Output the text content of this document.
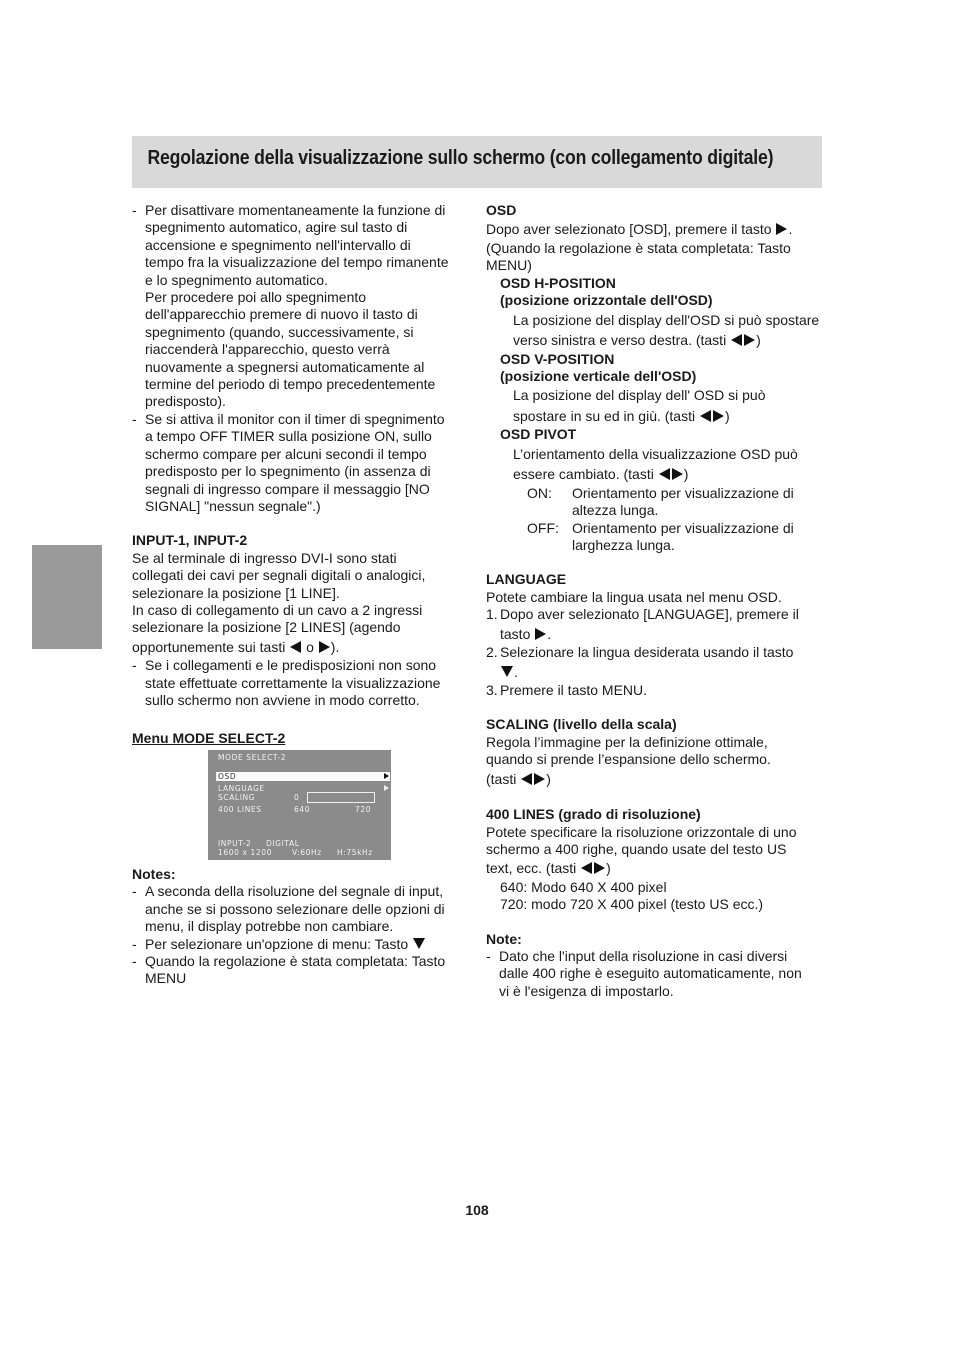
Regolazione della visualizzazione sullo schermo (con collegamento digitale)
- Per disattivare momentaneamente la funzione di

spegnimento automatico, agire sul tasto di

accensione e spegnimento nell'intervallo di

tempo fra la visualizzazione del tempo rimanente

e lo spegnimento automatico.

Per procedere poi allo spegnimento

dell'apparecchio premere di nuovo il tasto di

spegnimento (quando, successivamente, si

riaccenderà l'apparecchio, questo verrà

nuovamente a spegnersi automaticamente al

termine del periodo di tempo precedentemente

predisposto).

- Se si attiva il monitor con il timer di spegnimento

a tempo OFF TIMER sulla posizione ON, sullo

schermo compare per alcuni secondi il tempo

predisposto per lo spegnimento (in assenza di

segnali di ingresso compare il messaggio [NO

SIGNAL] "nessun segnale".)

INPUT-1, INPUT-2

Se al terminale di ingresso DVI-I sono stati

collegati dei cavi per segnali digitali o analogici,

selezionare la posizione [1 LINE].

In caso di collegamento di un cavo a 2 ingressi

selezionare la posizione [2 LINES] (agendo

opportunemente sui tasti o ).

- Se i collegamenti e le predisposizioni non sono

state effettuate correttamente la visualizzazione

sullo schermo non avviene in modo corretto.

Menu MODE SELECT-2

Notes:

- A seconda della risoluzione del segnale di input,

anche se si possono selezionare delle opzioni di

menu, il display potrebbe non cambiare.

- Per selezionare un'opzione di menu: Tasto
- Quando la regolazione è stata completata: Tasto

MENU

MODE SELECT-2
OSD
LANGUAGE
SCALING	0
400 LINES	640	720
INPUT-2 DIGITAL
1600 x 1200	V:60Hz H:75kHz

OSD

Dopo aver selezionato [OSD], premere il tasto .

(Quando la regolazione è stata completata: Tasto

MENU)

OSD H-POSITION

(posizione orizzontale dell'OSD)

La posizione del display dell'OSD si può spostare

verso sinistra e verso destra. (tasti )

OSD V-POSITION

(posizione verticale dell'OSD)

La posizione del display dell' OSD si può

spostare in su ed in giù. (tasti )

OSD PIVOT

L’orientamento della visualizzazione OSD può

essere cambiato. (tasti )

ON: Orientamento per visualizzazione di

altezza lunga.

OFF: Orientamento per visualizzazione di

larghezza lunga.

LANGUAGE

Potete cambiare la lingua usata nel menu OSD.

1. Dopo aver selezionato [LANGUAGE], premere il

tasto .

2. Selezionare la lingua desiderata usando il tasto

.

3. Premere il tasto MENU.

SCALING (livello della scala)

Regola l’immagine per la definizione ottimale,

quando si prende l’espansione dello schermo.

(tasti )

400 LINES (grado di risoluzione)

Potete specificare la risoluzione orizzontale di uno

schermo a 400 righe, quando usate del testo US

text, ecc. (tasti )

640: Modo 640 X 400 pixel

720: modo 720 X 400 pixel (testo US ecc.)

Note:

- Dato che l'input della risoluzione in casi diversi

dalle 400 righe è eseguito automaticamente, non

vi è l'esigenza di impostarlo.

108
